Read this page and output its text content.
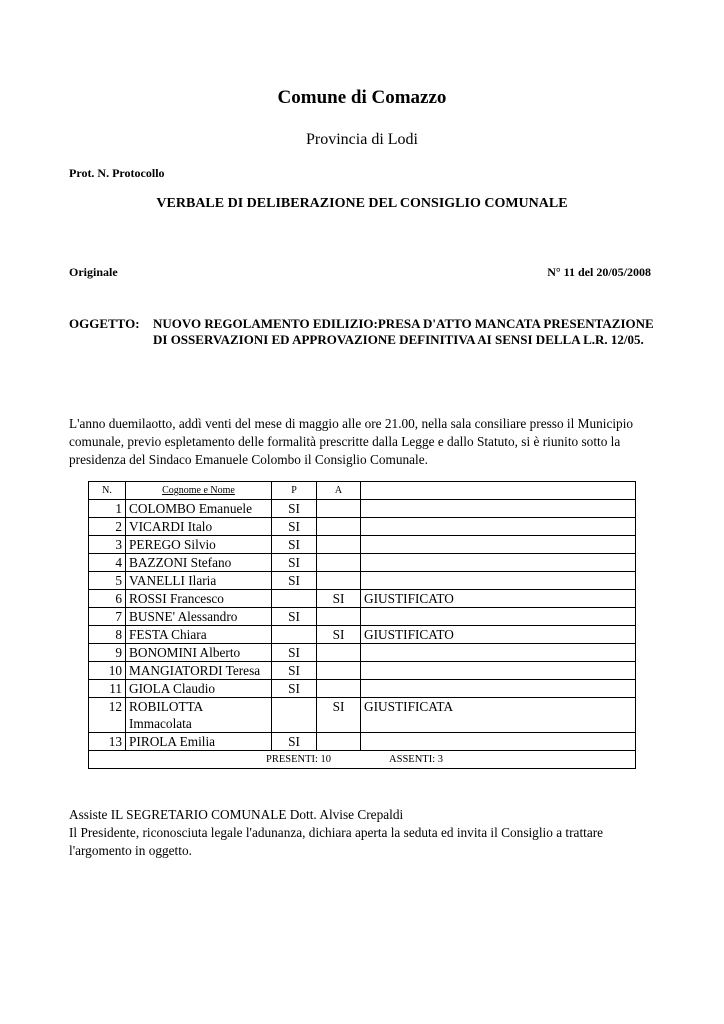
Comune di Comazzo
Provincia di Lodi
Prot. N. Protocollo
VERBALE DI DELIBERAZIONE DEL CONSIGLIO COMUNALE
Originale	N° 11 del 20/05/2008
OGGETTO: NUOVO REGOLAMENTO EDILIZIO:PRESA D'ATTO MANCATA PRESENTAZIONE DI OSSERVAZIONI ED APPROVAZIONE DEFINITIVA AI SENSI DELLA L.R. 12/05.
L'anno duemilaotto, addì venti del mese di maggio alle ore 21.00, nella sala consiliare presso il Municipio comunale, previo espletamento delle formalità prescritte dalla Legge e dallo Statuto, si è riunito sotto la presidenza del Sindaco Emanuele Colombo il Consiglio Comunale.
N.	Cognome e Nome	P	A	
1	COLOMBO Emanuele	SI		
2	VICARDI Italo	SI		
3	PEREGO Silvio	SI		
4	BAZZONI Stefano	SI		
5	VANELLI Ilaria	SI		
6	ROSSI Francesco		SI	GIUSTIFICATO
7	BUSNE' Alessandro	SI		
8	FESTA Chiara		SI	GIUSTIFICATO
9	BONOMINI Alberto	SI		
10	MANGIATORDI Teresa	SI		
11	GIOLA Claudio	SI		
12	ROBILOTTA Immacolata		SI	GIUSTIFICATA
13	PIROLA Emilia	SI		
PRESENTI: 10 ASSENTI: 3				
Assiste IL SEGRETARIO COMUNALE Dott. Alvise Crepaldi
Il Presidente, riconosciuta legale l'adunanza, dichiara aperta la seduta ed invita il Consiglio a trattare l'argomento in oggetto.
